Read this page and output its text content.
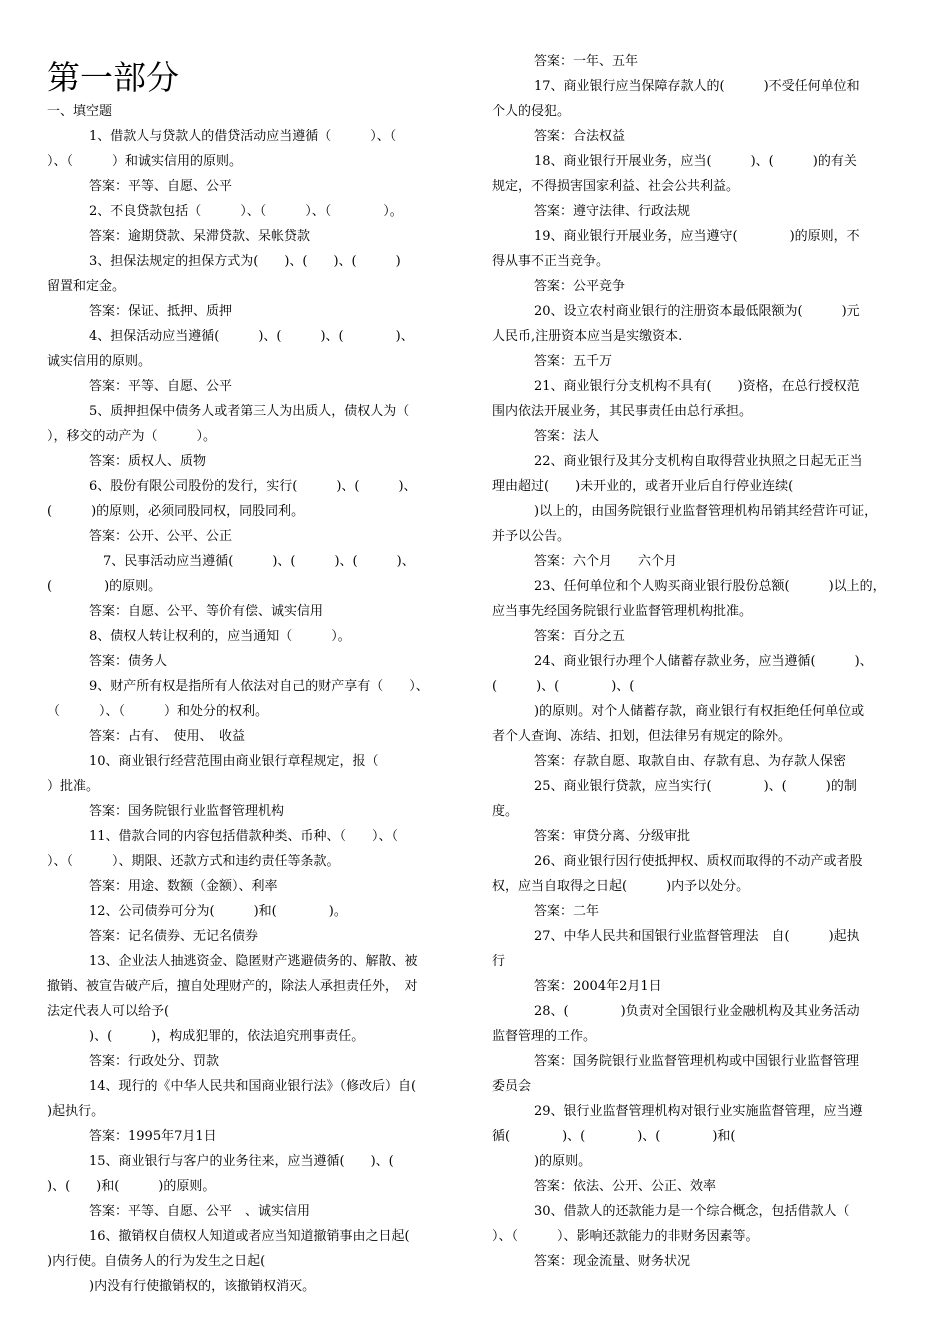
第一部分
一、填空题
1、借款人与贷款人的借贷活动应当遵循（　　　）、（
）、（　　　）和诚实信用的原则。
答案：平等、自愿、公平
2、不良贷款包括（　　　）、（　　　）、（　　　　）。
答案：逾期贷款、呆滞贷款、呆帐贷款
3、担保法规定的担保方式为(　　)、(　　)、(　　　)
留置和定金。
答案：保证、抵押、质押
4、担保活动应当遵循(　　　)、(　　　)、(　　　　)、
诚实信用的原则。
答案：平等、自愿、公平
5、质押担保中债务人或者第三人为出质人，债权人为（
），移交的动产为（　　　）。
答案：质权人、质物
6、股份有限公司股份的发行，实行(　　　)、(　　　)、
(　　　)的原则，必须同股同权，同股同利。
答案：公开、公平、公正
7、民事活动应当遵循(　　　)、(　　　)、(　　　)、
(　　　　)的原则。
答案：自愿、公平、等价有偿、诚实信用
8、债权人转让权利的，应当通知（　　　）。
答案：债务人
9、财产所有权是指所有人依法对自己的财产享有（　　）、
（　　　）、（　　　）和处分的权利。
答案：占有、　使用、　收益
10、商业银行经营范围由商业银行章程规定，报（
）批准。
答案：国务院银行业监督管理机构
11、借款合同的内容包括借款种类、币种、（　　）、（
）、（　　　）、期限、还款方式和违约责任等条款。
答案：用途、数额（金额）、利率
12、公司债券可分为(　　　)和(　　　　)。
答案：记名债券、无记名债券
13、企业法人抽逃资金、隐匿财产逃避债务的、解散、被
撤销、被宣告破产后，擅自处理财产的，除法人承担责任外，　对
法定代表人可以给予(
)、(　　　)，构成犯罪的，依法追究刑事责任。
答案：行政处分、罚款
14、现行的《中华人民共和国商业银行法》（修改后）自(
)起执行。
答案：1995年7月1日
15、商业银行与客户的业务往来，应当遵循(　　)、(
)、(　　)和(　　　)的原则。
答案：平等、自愿、公平　、诚实信用
16、撤销权自债权人知道或者应当知道撤销事由之日起(
)内行使。自债务人的行为发生之日起(
)内没有行使撤销权的，该撤销权消灭。
答案：一年、五年
17、商业银行应当保障存款人的(　　　)不受任何单位和
个人的侵犯。
答案：合法权益
18、商业银行开展业务，应当(　　　)、(　　　)的有关
规定，不得损害国家利益、社会公共利益。
答案：遵守法律、行政法规
19、商业银行开展业务，应当遵守(　　　　)的原则，不
得从事不正当竞争。
答案：公平竞争
20、设立农村商业银行的注册资本最低限额为(　　　)元
人民币,注册资本应当是实缴资本.
答案：五千万
21、商业银行分支机构不具有(　　)资格，在总行授权范
围内依法开展业务，其民事责任由总行承担。
答案：法人
22、商业银行及其分支机构自取得营业执照之日起无正当
理由超过(　　)未开业的，或者开业后自行停业连续(
)以上的，由国务院银行业监督管理机构吊销其经营许可证，
并予以公告。
答案：六个月　　六个月
23、任何单位和个人购买商业银行股份总额(　　　)以上的，
应当事先经国务院银行业监督管理机构批准。
答案：百分之五
24、商业银行办理个人储蓄存款业务，应当遵循(　　　)、
(　　　)、(　　　　)、(
)的原则。对个人储蓄存款，商业银行有权拒绝任何单位或
者个人查询、冻结、扣划，但法律另有规定的除外。
答案：存款自愿、取款自由、存款有息、为存款人保密
25、商业银行贷款，应当实行(　　　　)、(　　　)的制
度。
答案：审贷分离、分级审批
26、商业银行因行使抵押权、质权而取得的不动产或者股
权，应当自取得之日起(　　　)内予以处分。
答案：二年
27、中华人民共和国银行业监督管理法　自(　　　)起执
行
答案：2004年2月1日
28、(　　　　)负责对全国银行业金融机构及其业务活动
监督管理的工作。
答案：国务院银行业监督管理机构或中国银行业监督管理
委员会
29、银行业监督管理机构对银行业实施监督管理，应当遵
循(　　　　)、(　　　　)、(　　　　)和(
)的原则。
答案：依法、公开、公正、效率
30、借款人的还款能力是一个综合概念，包括借款人（
）、（　　　）、影响还款能力的非财务因素等。
答案：现金流量、财务状况
